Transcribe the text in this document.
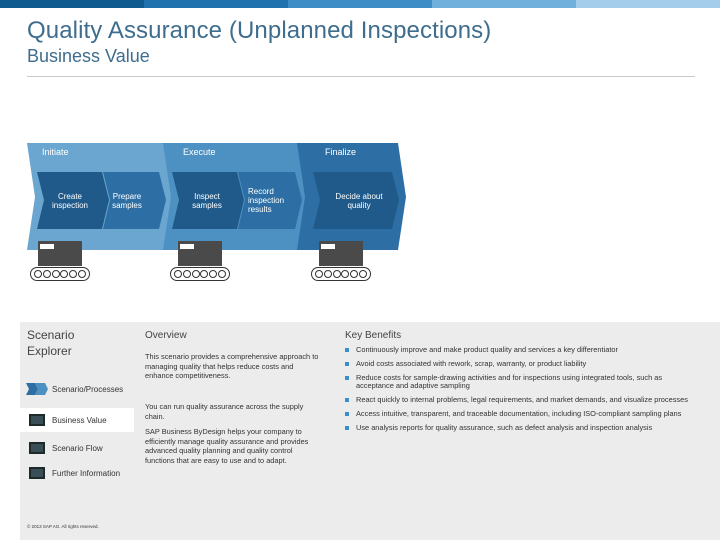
Quality Assurance (Unplanned Inspections)
Business Value
Initiate	Execute	Finalize
Create inspection
Prepare samples
Inspect samples
Record inspection results
Decide about quality
Scenario Explorer
Scenario/Processes
Business Value
Scenario Flow
Further Information
© 2013 SAP AG. All rights reserved.
Overview
This scenario provides a comprehensive approach to managing quality that helps reduce costs and enhance competitiveness.
You can run quality assurance across the supply chain.
SAP Business ByDesign helps your company to efficiently manage quality assurance and provides advanced quality planning and quality control functions that are easy to use and to adapt.
Key Benefits
Continuously improve and make product quality and services a key differentiator
Avoid costs associated with rework, scrap, warranty, or product liability
Reduce costs for sample-drawing activities and for inspections using integrated tools, such as acceptance and adaptive sampling
React quickly to internal problems, legal requirements, and market demands, and visualize processes
Access intuitive, transparent, and traceable documentation, including ISO-compliant sampling plans
Use analysis reports for quality assurance, such as defect analysis and inspection analysis
